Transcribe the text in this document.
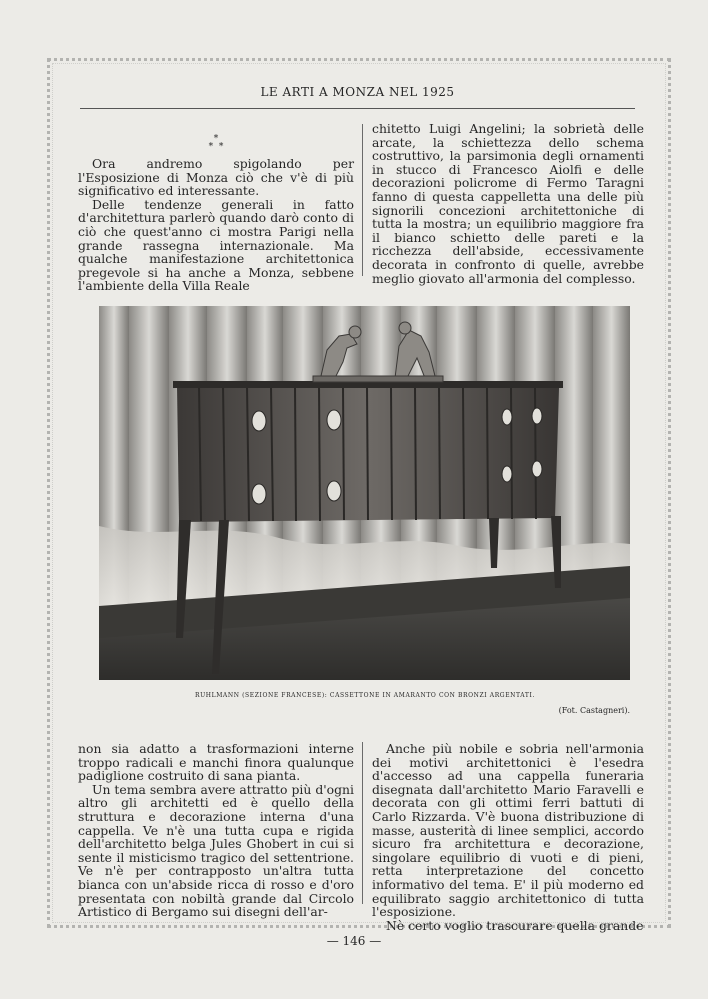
LE ARTI A MONZA NEL 1925
*
*  *

Ora andremo spigolando per l'Esposizione di Monza ciò che v'è di più significativo ed interessante.

Delle tendenze generali in fatto d'architettura parlerò quando darò conto di ciò che quest'anno ci mostra Parigi nella grande rassegna internazionale. Ma qualche manifestazione architettonica pregevole si ha anche a Monza, sebbene l'ambiente della Villa Reale

chitetto Luigi Angelini; la sobrietà delle arcate, la schiettezza dello schema costruttivo, la parsimonia degli ornamenti in stucco di Francesco Aiolfi e delle decorazioni policrome di Fermo Taragni fanno di questa cappelletta una delle più signorili concezioni architettoniche di tutta la mostra; un equilibrio maggiore fra il bianco schietto delle pareti e la ricchezza dell'abside, eccessivamente decorata in confronto di quelle, avrebbe meglio giovato all'armonia del complesso.

RUHLMANN (SEZIONE FRANCESE): CASSETTONE IN AMARANTO CON BRONZI ARGENTATI.
(Fot. Castagneri).

non sia adatto a trasformazioni interne troppo radicali e manchi finora qualunque padiglione costruito di sana pianta.

Un tema sembra avere attratto più d'ogni altro gli architetti ed è quello della struttura e decorazione interna d'una cappella. Ve n'è una tutta cupa e rigida dell'architetto belga Jules Ghobert in cui si sente il misticismo tragico del settentrione. Ve n'è per contrapposto un'altra tutta bianca con un'abside ricca di rosso e d'oro presentata con nobiltà grande dal Circolo Artistico di Bergamo sui disegni dell'ar-

Anche più nobile e sobria nell'armonia dei motivi architettonici è l'esedra d'accesso ad una cappella funeraria disegnata dall'architetto Mario Faravelli e decorata con gli ottimi ferri battuti di Carlo Rizzarda. V'è buona distribuzione di masse, austerità di linee semplici, accordo sicuro fra architettura e decorazione, singolare equilibrio di vuoti e di pieni, retta interpretazione del concetto informativo del tema. E' il più moderno ed equilibrato saggio architettonico di tutta l'esposizione.

Nè certo voglio trascurare quella grande

— 146 —
